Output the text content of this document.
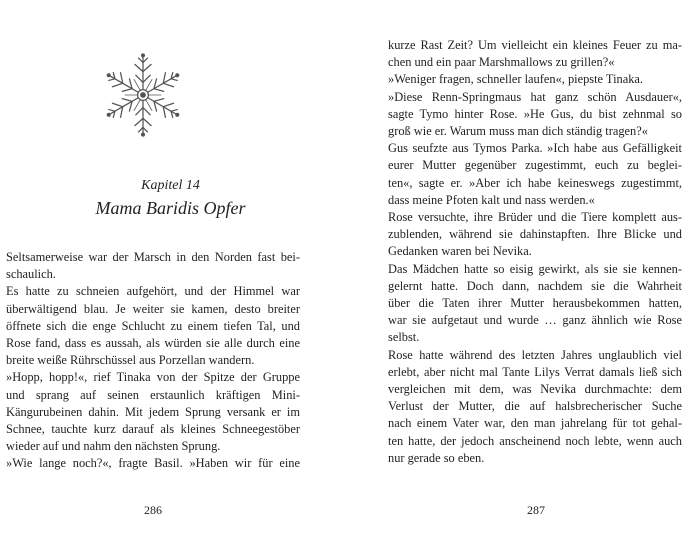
Kapitel 14
Mama Baridis Opfer
Seltsamerweise war der Marsch in den Norden fast bei-
schaulich.
Es hatte zu schneien aufgehört, und der Himmel war
überwältigend blau. Je weiter sie kamen, desto breiter
öffnete sich die enge Schlucht zu einem tiefen Tal, und
Rose fand, dass es aussah, als würden sie alle durch eine
breite weiße Rührschüssel aus Porzellan wandern.
»Hopp, hopp!«, rief Tinaka von der Spitze der Gruppe
und sprang auf seinen erstaunlich kräftigen Mini-
Kängurubeinen dahin. Mit jedem Sprung versank er im
Schnee, tauchte kurz darauf als kleines Schneegestöber
wieder auf und nahm den nächsten Sprung.
»Wie lange noch?«, fragte Basil. »Haben wir für eine
286
kurze Rast Zeit? Um vielleicht ein kleines Feuer zu ma-
chen und ein paar Marshmallows zu grillen?«
»Weniger fragen, schneller laufen«, piepste Tinaka.
»Diese Renn-Springmaus hat ganz schön Ausdauer«,
sagte Tymo hinter Rose. »He Gus, du bist zehnmal so
groß wie er. Warum muss man dich ständig tragen?«
Gus seufzte aus Tymos Parka. »Ich habe aus Gefälligkeit
eurer Mutter gegenüber zugestimmt, euch zu beglei-
ten«, sagte er. »Aber ich habe keineswegs zugestimmt,
dass meine Pfoten kalt und nass werden.«
Rose versuchte, ihre Brüder und die Tiere komplett aus-
zublenden, während sie dahinstapften. Ihre Blicke und
Gedanken waren bei Nevika.
Das Mädchen hatte so eisig gewirkt, als sie sie kennen-
gelernt hatte. Doch dann, nachdem sie die Wahrheit
über die Taten ihrer Mutter herausbekommen hatten,
war sie aufgetaut und wurde … ganz ähnlich wie Rose
selbst.
Rose hatte während des letzten Jahres unglaublich viel
erlebt, aber nicht mal Tante Lilys Verrat damals ließ sich
vergleichen mit dem, was Nevika durchmachte: dem
Verlust der Mutter, die auf halsbrecherischer Suche
nach einem Vater war, den man jahrelang für tot gehal-
ten hatte, der jedoch anscheinend noch lebte, wenn auch
nur gerade so eben.
287
